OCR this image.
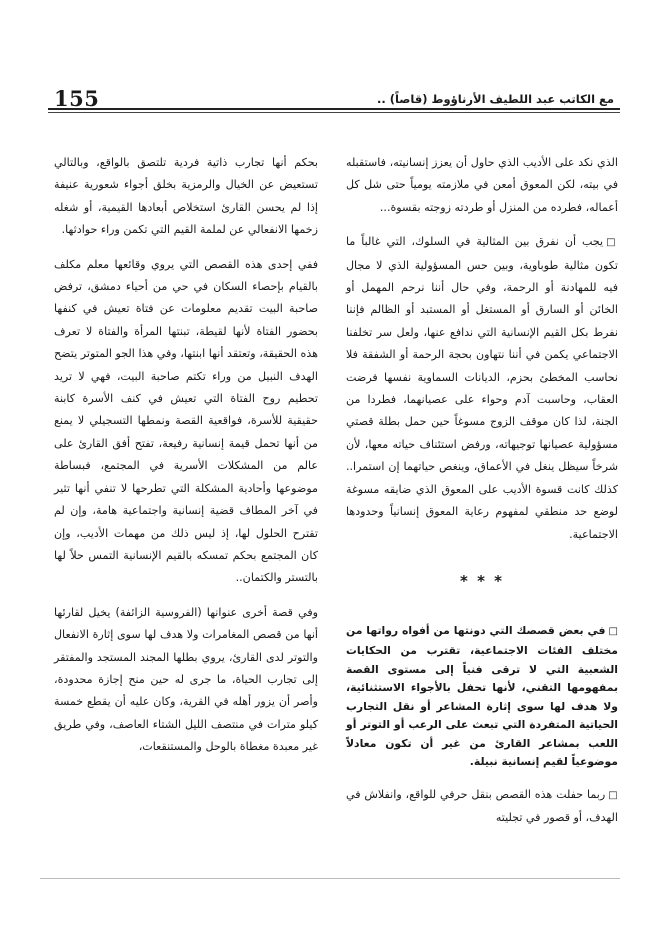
155	مع الكاتب عبد اللطيف الأرناؤوط (قاصاً) ..

الذي نكد على الأديب الذي حاول أن يعزز إنسانيته، فاستقبله في بيته، لكن المعوق أمعن في ملازمته يومياً حتى شل كل أعماله، فطرده من المنزل أو طردته زوجته بقسوة...

□يجب أن نفرق بين المثالية في السلوك، التي غالباً ما تكون مثالية طوباوية، وبين حس المسؤولية الذي لا مجال فيه للمهادنة أو الرحمة، وفي حال أننا نرحم المهمل أو الخائن أو السارق أو المستغل أو المستبد أو الظالم فإننا نفرط بكل القيم الإنسانية التي ندافع عنها، ولعل سر تخلفنا الاجتماعي يكمن في أننا نتهاون بحجة الرحمة أو الشفقة فلا نحاسب المخطئ بحزم، الديانات السماوية نفسها فرضت العقاب، وحاسبت آدم وحواء على عصيانهما، فطردا من الجنة، لذا كان موقف الزوج مسوغاً حين حمل بطلة قصتي مسؤولية عصيانها توجيهاته، ورفض استئناف حياته معها، لأن شرخاً سيظل ينغل في الأعماق، وينغص حياتهما إن استمرا.. كذلك كانت قسوة الأديب على المعوق الذي ضايقه مسوغة لوضع حد منطقي لمفهوم رعاية المعوق إنسانياً وحدودها الاجتماعية.

* * *

□في بعض قصصك التي دونتها من أفواه رواتها من مختلف الفئات الاجتماعية، تقترب من الحكايات الشعبية التي لا ترقى فنياً إلى مستوى القصة بمفهومها التقني، لأنها تحفل بالأجواء الاستثنائية، ولا هدف لها سوى إثارة المشاعر أو نقل التجارب الحياتية المتفردة التي تبعث على الرعب أو التوتر أو اللعب بمشاعر القارئ من غير أن تكون معادلاً موضوعياً لقيم إنسانية نبيلة.

□ربما حفلت هذه القصص بنقل حرفي للواقع، وانفلاش في الهدف، أو قصور في تجليته

بحكم أنها تجارب ذاتية فردية تلتصق بالواقع، وبالتالي تستعيض عن الخيال والرمزية بخلق أجواء شعورية عنيفة إذا لم يحسن القارئ استخلاص أبعادها القيمية، أو شغله زخمها الانفعالي عن لملمة القيم التي تكمن وراء حوادثها.

ففي إحدى هذه القصص التي يروي وقائعها معلم مكلف بالقيام بإحصاء السكان في حي من أحياء دمشق، ترفض صاحبة البيت تقديم معلومات عن فتاة تعيش في كنفها بحضور الفتاة لأنها لقيطة، تبنتها المرأة والفتاة لا تعرف هذه الحقيقة، وتعتقد أنها ابنتها، وفي هذا الجو المتوتر يتضح الهدف النبيل من وراء تكتم صاحبة البيت، فهي لا تريد تحطيم روح الفتاة التي تعيش في كنف الأسرة كابنة حقيقية للأسرة، فواقعية القصة ونمطها التسجيلي لا يمنع من أنها تحمل قيمة إنسانية رفيعة، تفتح أفق القارئ على عالم من المشكلات الأسرية في المجتمع، فبساطة موضوعها وأحادية المشكلة التي تطرحها لا تنفي أنها تثير في آخر المطاف قضية إنسانية واجتماعية هامة، وإن لم تقترح الحلول لها، إذ ليس ذلك من مهمات الأديب، وإن كان المجتمع بحكم تمسكه بالقيم الإنسانية التمس حلاً لها بالتستر والكتمان..

وفي قصة أخرى عنوانها (الفروسية الزائفة) يخيل لقارئها أنها من قصص المغامرات ولا هدف لها سوى إثارة الانفعال والتوتر لدى القارئ، يروي بطلها المجند المستجد والمفتقر إلى تجارب الحياة، ما جرى له حين منح إجازة محدودة، وأصر أن يزور أهله في القرية، وكان عليه أن يقطع خمسة كيلو مترات في منتصف الليل الشتاء العاصف، وفي طريق غير معبدة مغطاة بالوحل والمستنقعات،
